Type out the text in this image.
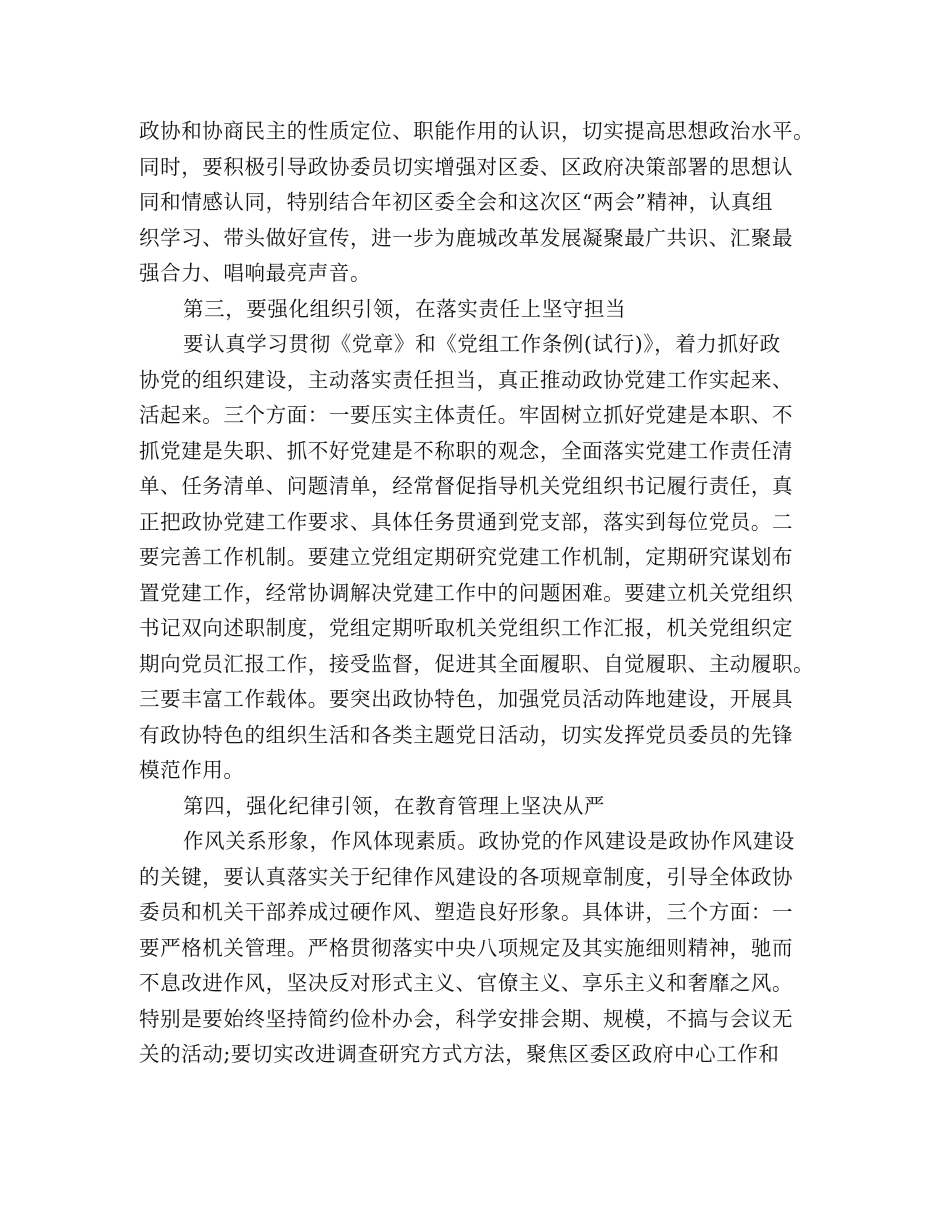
政协和协商民主的性质定位、职能作用的认识，切实提高思想政治水平。
同时，要积极引导政协委员切实增强对区委、区政府决策部署的思想认
同和情感认同，特别结合年初区委全会和这次区“两会”精神，认真组
织学习、带头做好宣传，进一步为鹿城改革发展凝聚最广共识、汇聚最
强合力、唱响最亮声音。
第三，要强化组织引领，在落实责任上坚守担当
要认真学习贯彻《党章》和《党组工作条例(试行)》，着力抓好政
协党的组织建设，主动落实责任担当，真正推动政协党建工作实起来、
活起来。三个方面：一要压实主体责任。牢固树立抓好党建是本职、不
抓党建是失职、抓不好党建是不称职的观念，全面落实党建工作责任清
单、任务清单、问题清单，经常督促指导机关党组织书记履行责任，真
正把政协党建工作要求、具体任务贯通到党支部，落实到每位党员。二
要完善工作机制。要建立党组定期研究党建工作机制，定期研究谋划布
置党建工作，经常协调解决党建工作中的问题困难。要建立机关党组织
书记双向述职制度，党组定期听取机关党组织工作汇报，机关党组织定
期向党员汇报工作，接受监督，促进其全面履职、自觉履职、主动履职。
三要丰富工作载体。要突出政协特色，加强党员活动阵地建设，开展具
有政协特色的组织生活和各类主题党日活动，切实发挥党员委员的先锋
模范作用。
第四，强化纪律引领，在教育管理上坚决从严
作风关系形象，作风体现素质。政协党的作风建设是政协作风建设
的关键，要认真落实关于纪律作风建设的各项规章制度，引导全体政协
委员和机关干部养成过硬作风、塑造良好形象。具体讲，三个方面：一
要严格机关管理。严格贯彻落实中央八项规定及其实施细则精神，驰而
不息改进作风，坚决反对形式主义、官僚主义、享乐主义和奢靡之风。
特别是要始终坚持简约俭朴办会，科学安排会期、规模，不搞与会议无
关的活动;要切实改进调查研究方式方法，聚焦区委区政府中心工作和
